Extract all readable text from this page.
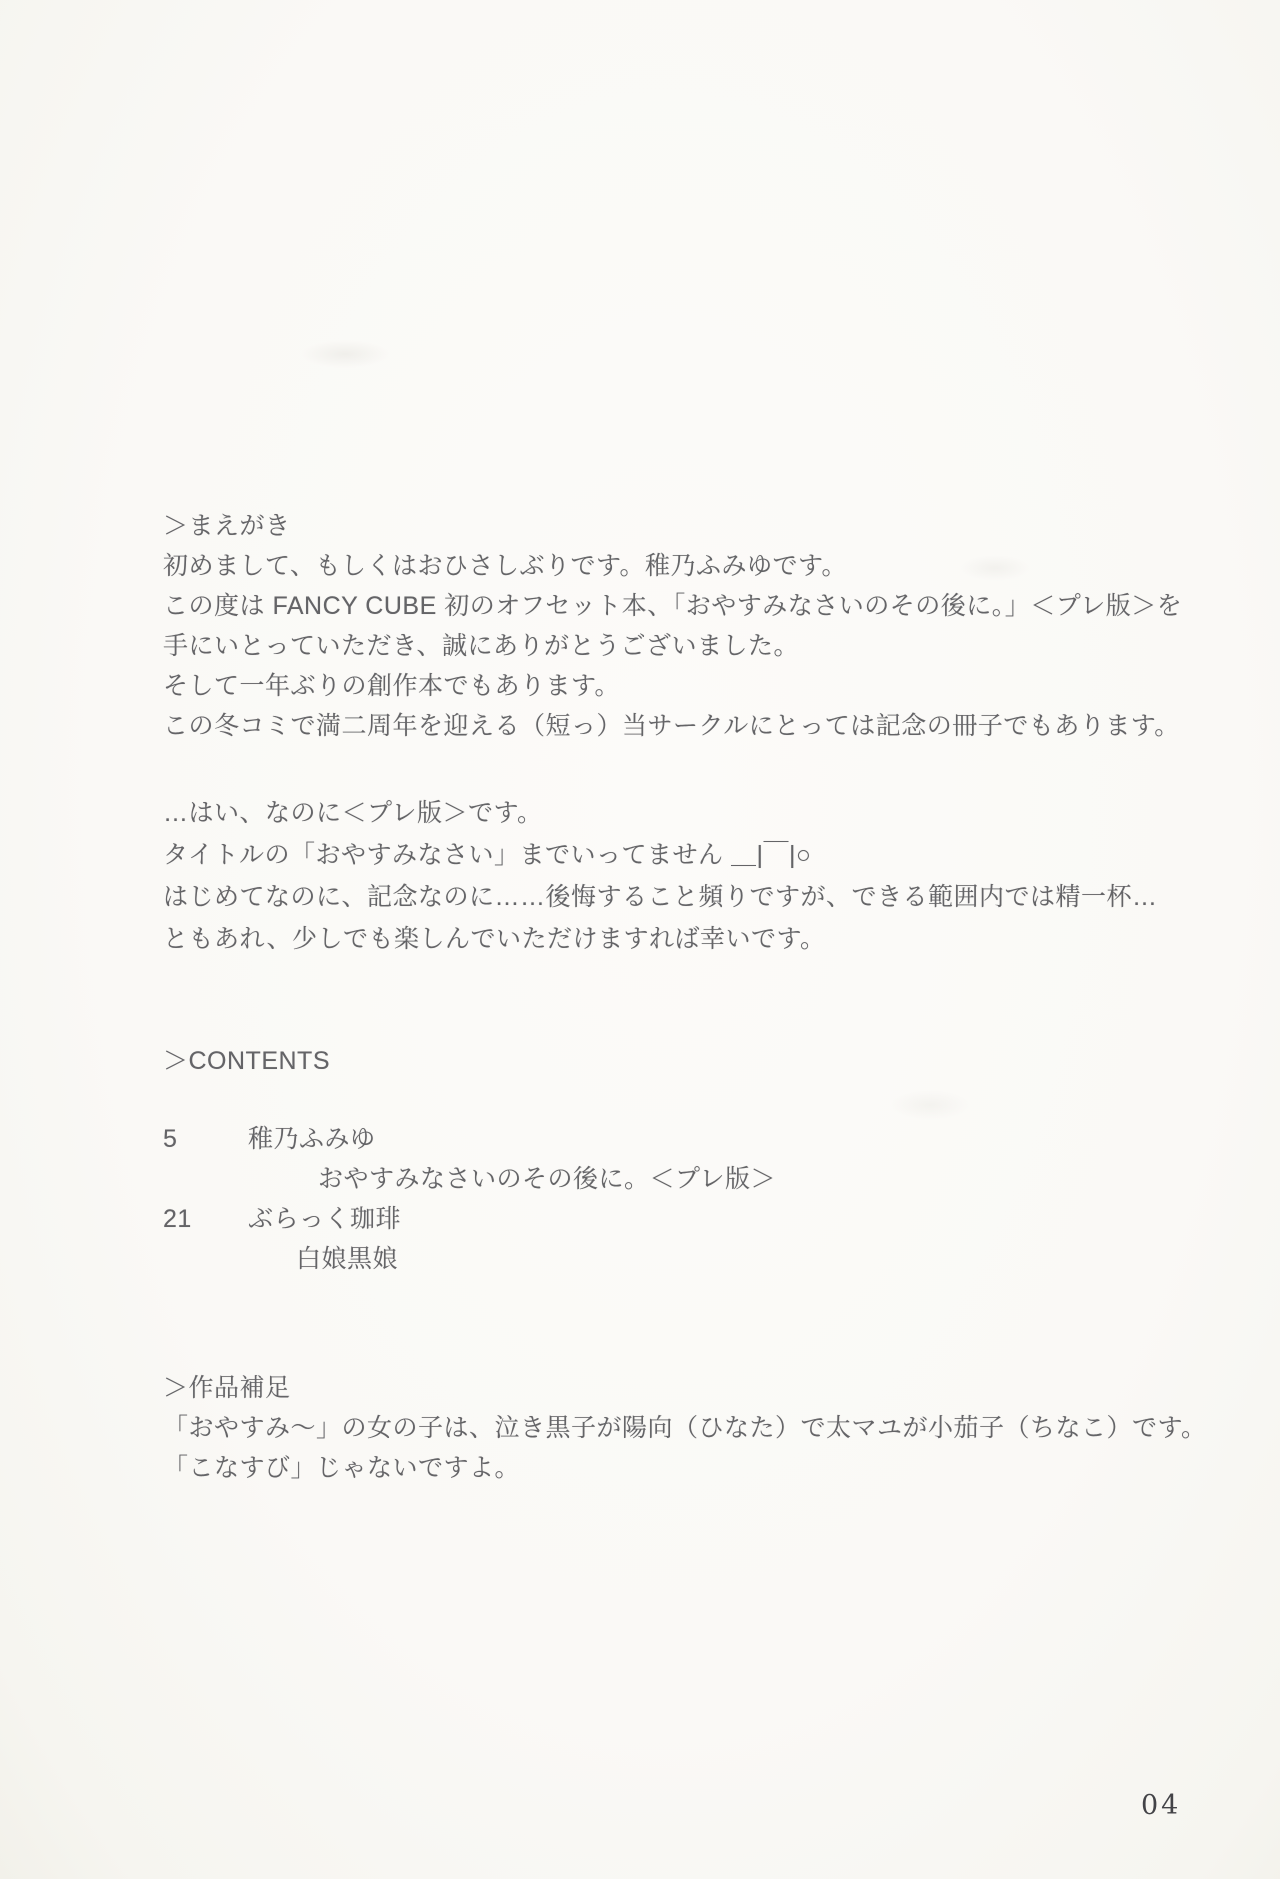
＞まえがき
初めまして、もしくはおひさしぶりです。稚乃ふみゆです。
この度は FANCY CUBE 初のオフセット本、「おやすみなさいのその後に。」＜プレ版＞を
手にいとっていただき、誠にありがとうございました。
そして一年ぶりの創作本でもあります。
この冬コミで満二周年を迎える（短っ）当サークルにとっては記念の冊子でもあります。
…はい、なのに＜プレ版＞です。
タイトルの「おやすみなさい」までいってません ＿|￣|○
はじめてなのに、記念なのに……後悔すること頻りですが、できる範囲内では精一杯…
ともあれ、少しでも楽しんでいただけますれば幸いです。
＞CONTENTS
5	稚乃ふみゆ
おやすみなさいのその後に。＜プレ版＞
21	ぶらっく珈琲
白娘黒娘
＞作品補足
「おやすみ～」の女の子は、泣き黒子が陽向（ひなた）で太マユが小茄子（ちなこ）です。
「こなすび」じゃないですよ。
04
